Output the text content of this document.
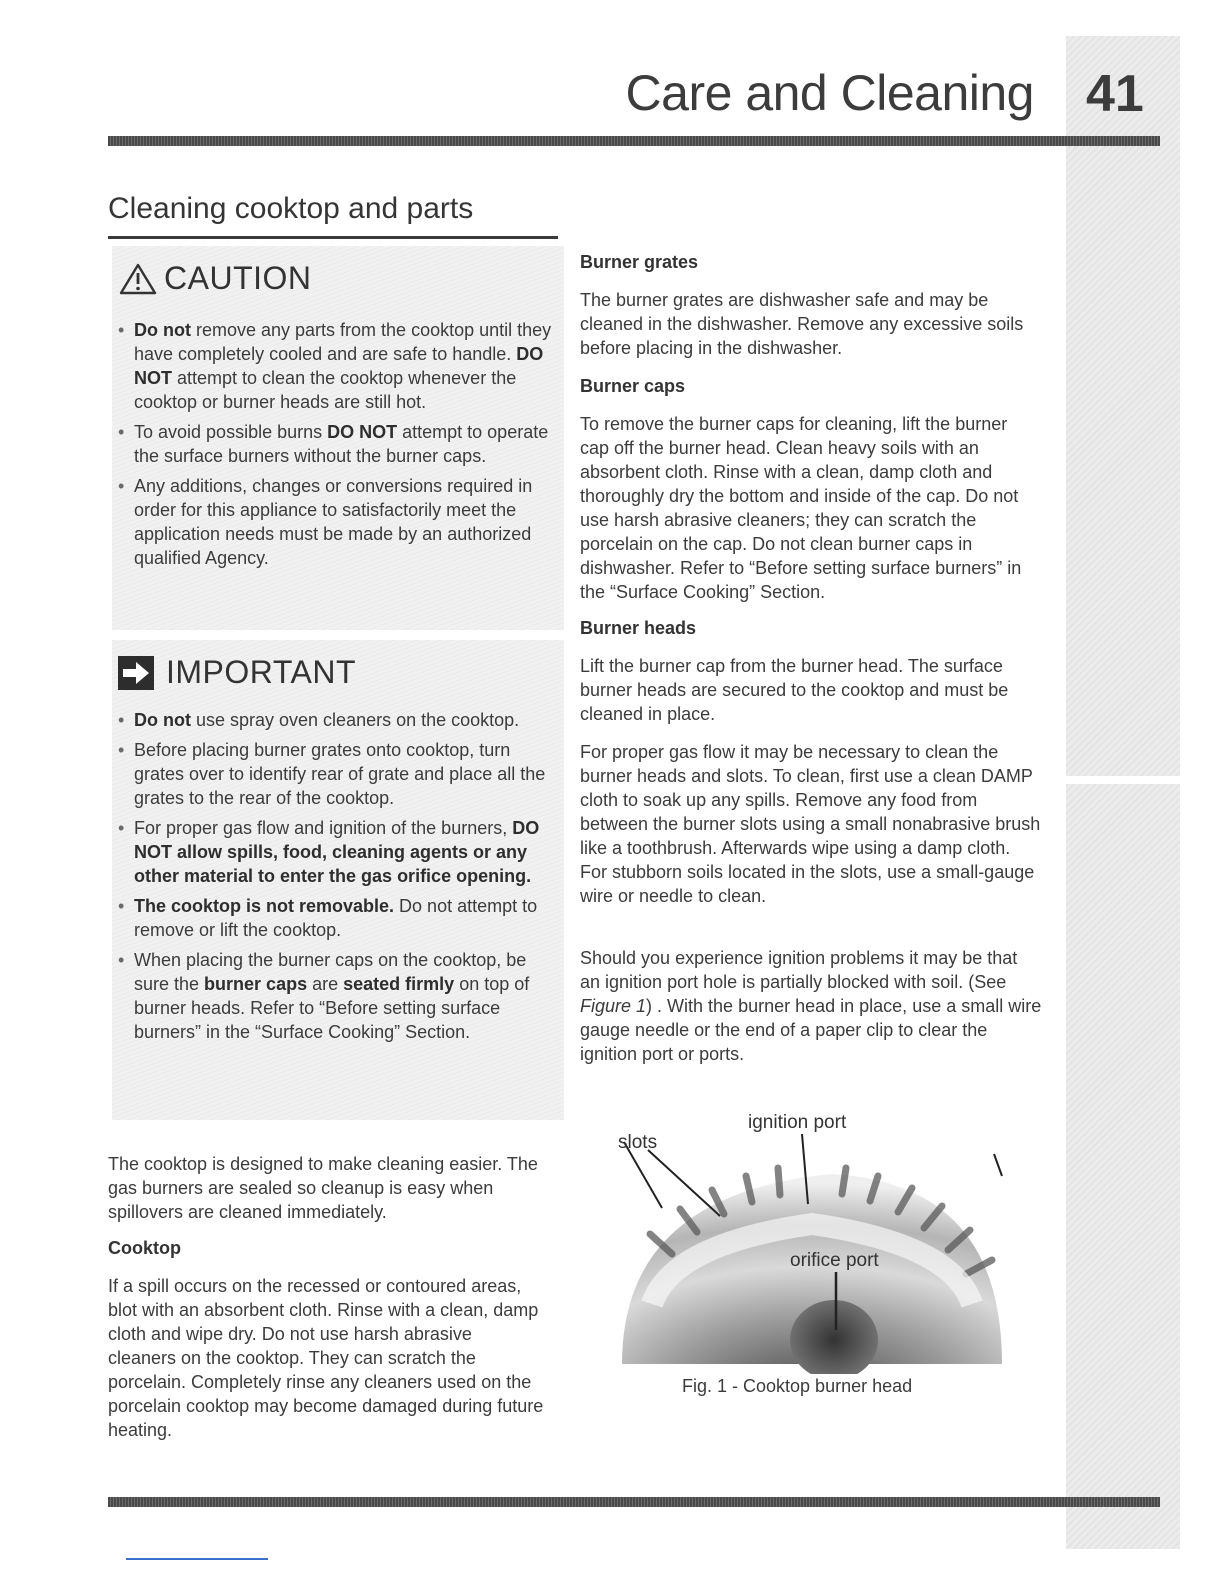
Care and Cleaning 41
Cleaning cooktop and parts
CAUTION
• Do not remove any parts from the cooktop until they have completely cooled and are safe to handle. DO NOT attempt to clean the cooktop whenever the cooktop or burner heads are still hot.
• To avoid possible burns DO NOT attempt to operate the surface burners without the burner caps.
• Any additions, changes or conversions required in order for this appliance to satisfactorily meet the application needs must be made by an authorized qualified Agency.
IMPORTANT
• Do not use spray oven cleaners on the cooktop.
• Before placing burner grates onto cooktop, turn grates over to identify rear of grate and place all the grates to the rear of the cooktop.
• For proper gas flow and ignition of the burners, DO NOT allow spills, food, cleaning agents or any other material to enter the gas orifice opening.
• The cooktop is not removable. Do not attempt to remove or lift the cooktop.
• When placing the burner caps on the cooktop, be sure the burner caps are seated firmly on top of burner heads. Refer to “Before setting surface burners” in the “Surface Cooking” Section.

The cooktop is designed to make cleaning easier. The gas burners are sealed so cleanup is easy when spillovers are cleaned immediately.

Cooktop

If a spill occurs on the recessed or contoured areas, blot with an absorbent cloth. Rinse with a clean, damp cloth and wipe dry. Do not use harsh abrasive cleaners on the cooktop. They can scratch the porcelain. Completely rinse any cleaners used on the porcelain cooktop may become damaged during future heating.

Burner grates

The burner grates are dishwasher safe and may be cleaned in the dishwasher. Remove any excessive soils before placing in the dishwasher.

Burner caps

To remove the burner caps for cleaning, lift the burner cap off the burner head. Clean heavy soils with an absorbent cloth. Rinse with a clean, damp cloth and thoroughly dry the bottom and inside of the cap. Do not use harsh abrasive cleaners; they can scratch the porcelain on the cap. Do not clean burner caps in dishwasher. Refer to “Before setting surface burners” in the “Surface Cooking” Section.

Burner heads

Lift the burner cap from the burner head. The surface burner heads are secured to the cooktop and must be cleaned in place.

For proper gas flow it may be necessary to clean the burner heads and slots. To clean, first use a clean DAMP cloth to soak up any spills. Remove any food from between the burner slots using a small nonabrasive brush like a toothbrush. Afterwards wipe using a damp cloth. For stubborn soils located in the slots, use a small-gauge wire or needle to clean.

Should you experience ignition problems it may be that an ignition port hole is partially blocked with soil. (See Figure 1) . With the burner head in place, use a small wire gauge needle or the end of a paper clip to clear the ignition port or ports.

slots
ignition port
orifice port
Fig. 1 - Cooktop burner head
